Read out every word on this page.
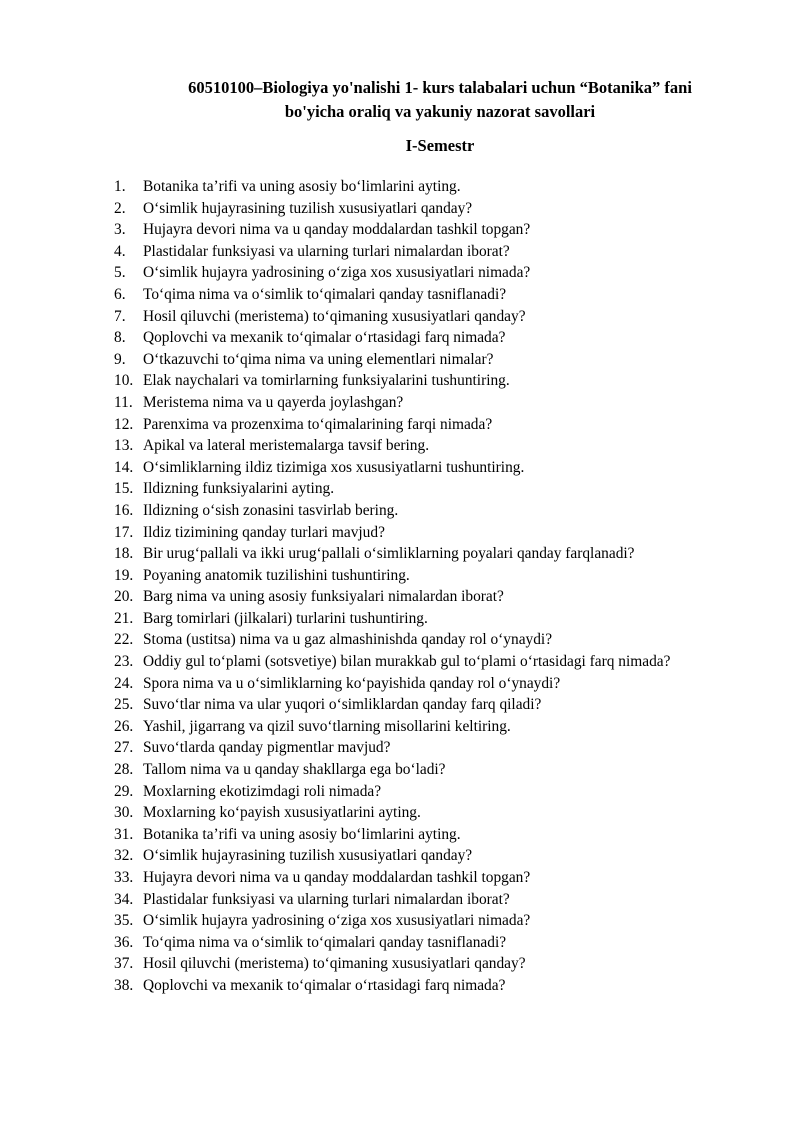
60510100–Biologiya yo'nalishi 1- kurs talabalari uchun “Botanika” fani
bo'yicha oraliq va yakuniy nazorat savollari
I-Semestr
1.	Botanika ta’rifi va uning asosiy bo‘limlarini ayting.
2.	O‘simlik hujayrasining tuzilish xususiyatlari qanday?
3.	Hujayra devori nima va u qanday moddalardan tashkil topgan?
4.	Plastidalar funksiyasi va ularning turlari nimalardan iborat?
5.	O‘simlik hujayra yadrosining o‘ziga xos xususiyatlari nimada?
6.	To‘qima nima va o‘simlik to‘qimalari qanday tasniflanadi?
7.	Hosil qiluvchi (meristema) to‘qimaning xususiyatlari qanday?
8.	Qoplovchi va mexanik to‘qimalar o‘rtasidagi farq nimada?
9.	O‘tkazuvchi to‘qima nima va uning elementlari nimalar?
10. Elak naychalari va tomirlarning funksiyalarini tushuntiring.
11. Meristema nima va u qayerda joylashgan?
12. Parenxima va prozenxima to‘qimalarining farqi nimada?
13. Apikal va lateral meristemalarga tavsif bering.
14. O‘simliklarning ildiz tizimiga xos xususiyatlarni tushuntiring.
15. Ildizning funksiyalarini ayting.
16. Ildizning o‘sish zonasini tasvirlab bering.
17. Ildiz tizimining qanday turlari mavjud?
18. Bir urug‘pallali va ikki urug‘pallali o‘simliklarning poyalari qanday farqlanadi?
19. Poyaning anatomik tuzilishini tushuntiring.
20. Barg nima va uning asosiy funksiyalari nimalardan iborat?
21. Barg tomirlari (jilkalari) turlarini tushuntiring.
22. Stoma (ustitsa) nima va u gaz almashinishda qanday rol o‘ynaydi?
23. Oddiy gul to‘plami (sotsvetiye) bilan murakkab gul to‘plami o‘rtasidagi farq nimada?
24. Spora nima va u o‘simliklarning ko‘payishida qanday rol o‘ynaydi?
25. Suvo‘tlar nima va ular yuqori o‘simliklardan qanday farq qiladi?
26. Yashil, jigarrang va qizil suvo‘tlarning misollarini keltiring.
27. Suvo‘tlarda qanday pigmentlar mavjud?
28. Tallom nima va u qanday shakllarga ega bo‘ladi?
29. Moxlarning ekotizimdagi roli nimada?
30. Moxlarning ko‘payish xususiyatlarini ayting.
31. Botanika ta’rifi va uning asosiy bo‘limlarini ayting.
32. O‘simlik hujayrasining tuzilish xususiyatlari qanday?
33. Hujayra devori nima va u qanday moddalardan tashkil topgan?
34. Plastidalar funksiyasi va ularning turlari nimalardan iborat?
35. O‘simlik hujayra yadrosining o‘ziga xos xususiyatlari nimada?
36. To‘qima nima va o‘simlik to‘qimalari qanday tasniflanadi?
37. Hosil qiluvchi (meristema) to‘qimaning xususiyatlari qanday?
38. Qoplovchi va mexanik to‘qimalar o‘rtasidagi farq nimada?
